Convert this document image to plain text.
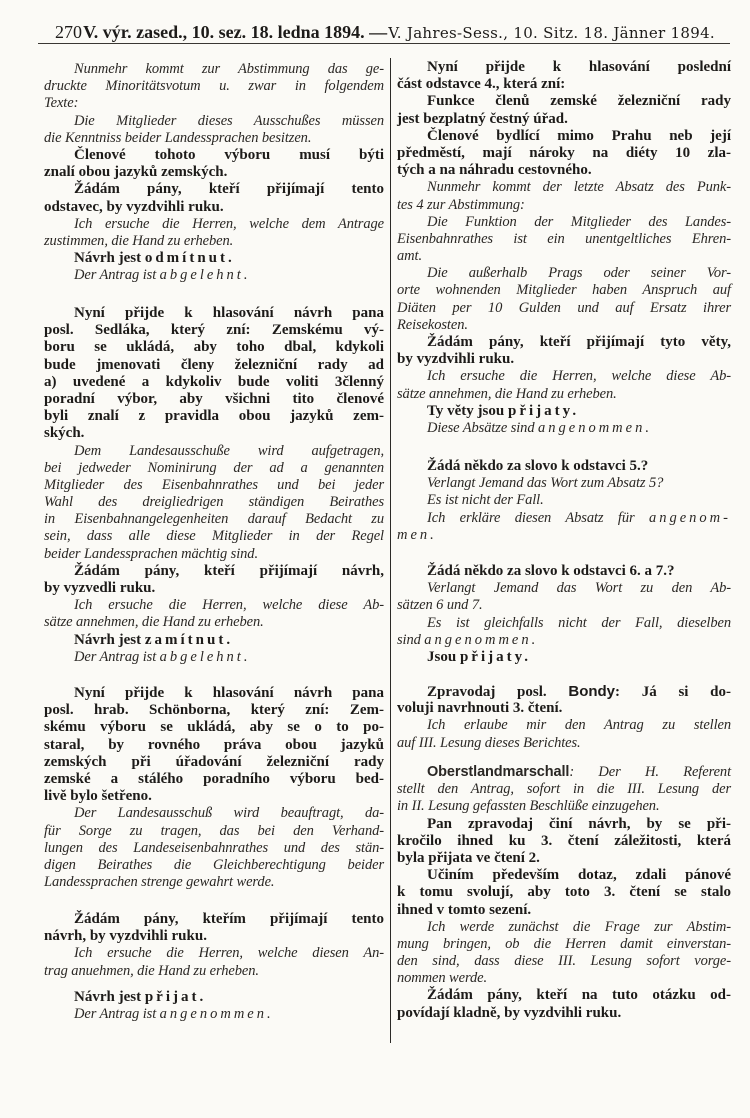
270 V. výr. zased., 10. sez. 18. ledna 1894. — V. Jahres-Sess., 10. Sitz. 18. Jänner 1894.
Nunmehr kommt zur Abstimmung das ge-
druckte Minoritätsvotum u. zwar in folgendem
Texte:
Die Mitglieder dieses Ausschußes müssen
die Kenntniss beider Landessprachen besitzen.
Členové tohoto výboru musí býti
znalí obou jazyků zemských.
Žádám pány, kteří přijímají tento
odstavec, by vyzdvihli ruku.
Ich ersuche die Herren, welche dem Antrage
zustimmen, die Hand zu erheben.
Návrh jest odmítnut.
Der Antrag ist abgelehnt.
Nyní přijde k hlasování návrh pana
posl. Sedláka, který zní: Zemskému vý-
boru se ukládá, aby toho dbal, kdykoli
bude jmenovati členy železniční rady ad
a) uvedené a kdykoliv bude voliti 3členný
poradní výbor, aby všichni tito členové
byli znalí z pravidla obou jazyků zem-
ských.
Dem Landesausschuße wird aufgetragen,
bei jedweder Nominirung der ad a genannten
Mitglieder des Eisenbahnrathes und bei jeder
Wahl des dreigliedrigen ständigen Beirathes
in Eisenbahnangelegenheiten darauf Bedacht zu
sein, dass alle diese Mitglieder in der Regel
beider Landessprachen mächtig sind.
Žádám pány, kteří přijímají návrh,
by vyzvedli ruku.
Ich ersuche die Herren, welche diese Ab-
sätze annehmen, die Hand zu erheben.
Návrh jest zamítnut.
Der Antrag ist abgelehnt.
Nyní přijde k hlasování návrh pana
posl. hrab. Schönborna, který zní: Zem-
skému výboru se ukládá, aby se o to po-
staral, by rovného práva obou jazyků
zemských při úřadování železniční rady
zemské a stálého poradního výboru bed-
livě bylo šetřeno.
Der Landesausschuß wird beauftragt, da-
für Sorge zu tragen, das bei den Verhand-
lungen des Landeseisenbahnrathes und des stän-
digen Beirathes die Gleichberechtigung beider
Landessprachen strenge gewahrt werde.
Žádám pány, kteřím přijímají tento
návrh, by vyzdvihli ruku.
Ich ersuche die Herren, welche diesen An-
trag anuehmen, die Hand zu erheben.
Návrh jest přijat.
Der Antrag ist angenommen.
Nyní přijde k hlasování poslední
část odstavce 4., která zní:
Funkce členů zemské železniční rady
jest bezplatný čestný úřad.
Členové bydlící mimo Prahu neb její
předměstí, mají nároky na diéty 10 zla-
tých a na náhradu cestovného.
Nunmehr kommt der letzte Absatz des Punk-
tes 4 zur Abstimmung:
Die Funktion der Mitglieder des Landes-
Eisenbahnrathes ist ein unentgeltliches Ehren-
amt.
Die außerhalb Prags oder seiner Vor-
orte wohnenden Mitglieder haben Anspruch auf
Diäten per 10 Gulden und auf Ersatz ihrer
Reisekosten.
Žádám pány, kteří přijímají tyto věty,
by vyzdvihli ruku.
Ich ersuche die Herren, welche diese Ab-
sätze annehmen, die Hand zu erheben.
Ty věty jsou přijaty.
Diese Absätze sind angenommen.
Žádá někdo za slovo k odstavci 5.?
Verlangt Jemand das Wort zum Absatz 5?
Es ist nicht der Fall.
Ich erkläre diesen Absatz für angenom-
men.
Žádá někdo za slovo k odstavci 6. a 7.?
Verlangt Jemand das Wort zu den Ab-
sätzen 6 und 7.
Es ist gleichfalls nicht der Fall, dieselben
sind angenommen.
Jsou přijaty.
Zpravodaj posl. Bondy: Já si do-
voluji navrhnouti 3. čtení.
Ich erlaube mir den Antrag zu stellen
auf III. Lesung dieses Berichtes.
Oberstlandmarschall: Der H. Referent
stellt den Antrag, sofort in die III. Lesung der
in II. Lesung gefassten Beschlüße einzugehen.
Pan zpravodaj činí návrh, by se při-
kročilo ihned ku 3. čtení záležitosti, která
byla přijata ve čtení 2.
Učiním především dotaz, zdali pánové
k tomu svolují, aby toto 3. čtení se stalo
ihned v tomto sezení.
Ich werde zunächst die Frage zur Abstim-
mung bringen, ob die Herren damit einverstan-
den sind, dass diese III. Lesung sofort vorge-
nommen werde.
Žádám pány, kteří na tuto otázku od-
povídají kladně, by vyzdvihli ruku.
